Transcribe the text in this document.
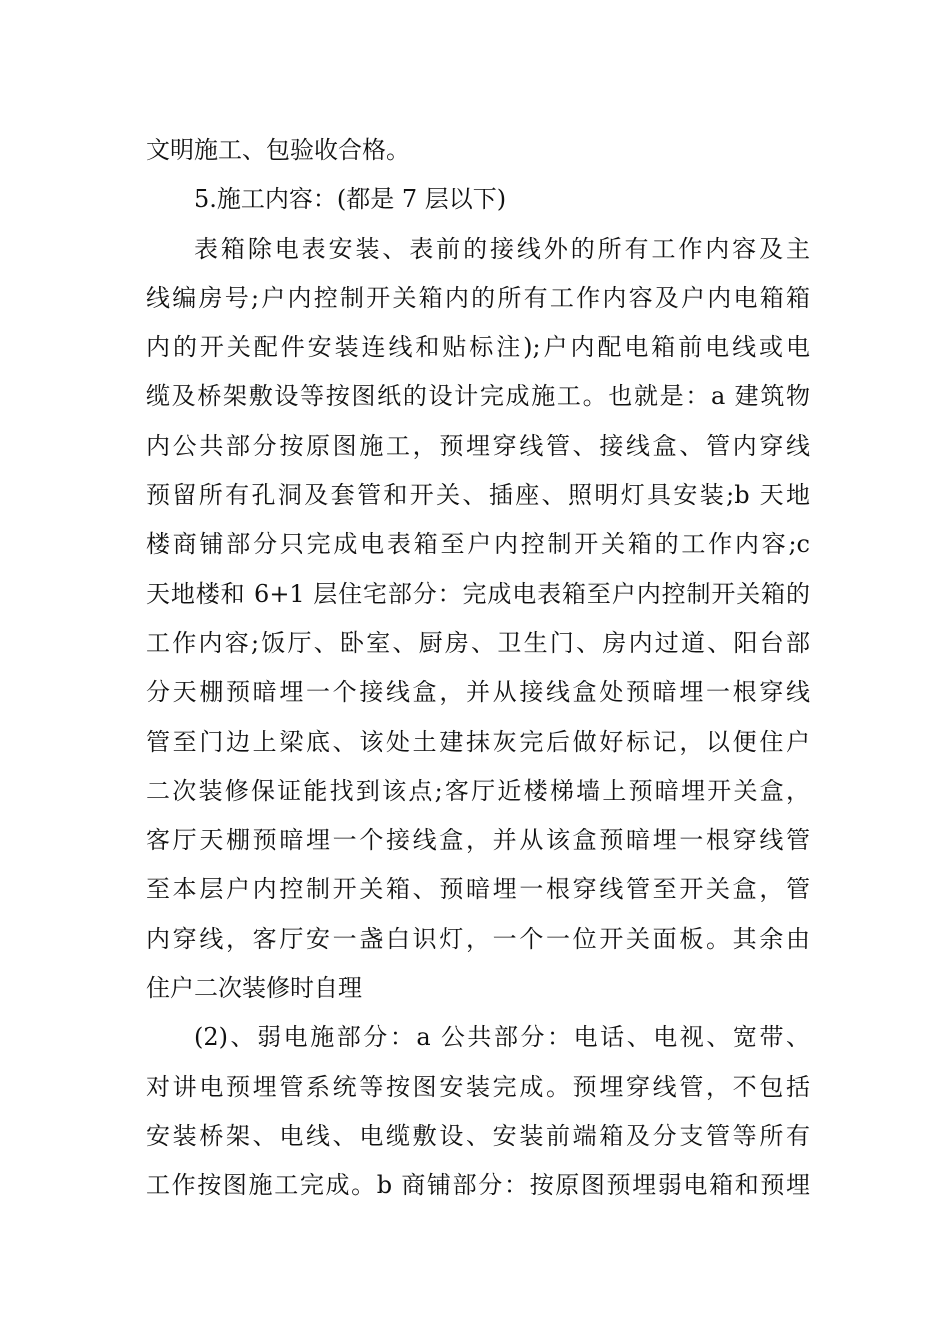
文明施工、包验收合格。
5.施工内容：(都是 7 层以下)
表箱除电表安装、表前的接线外的所有工作内容及主
线编房号;户内控制开关箱内的所有工作内容及户内电箱箱
内的开关配件安装连线和贴标注);户内配电箱前电线或电
缆及桥架敷设等按图纸的设计完成施工。也就是：a 建筑物
内公共部分按原图施工，预埋穿线管、接线盒、管内穿线
预留所有孔洞及套管和开关、插座、照明灯具安装;b 天地
楼商铺部分只完成电表箱至户内控制开关箱的工作内容;c
天地楼和 6+1 层住宅部分：完成电表箱至户内控制开关箱的
工作内容;饭厅、卧室、厨房、卫生门、房内过道、阳台部
分天棚预暗埋一个接线盒，并从接线盒处预暗埋一根穿线
管至门边上梁底、该处土建抹灰完后做好标记，以便住户
二次装修保证能找到该点;客厅近楼梯墙上预暗埋开关盒，
客厅天棚预暗埋一个接线盒，并从该盒预暗埋一根穿线管
至本层户内控制开关箱、预暗埋一根穿线管至开关盒，管
内穿线，客厅安一盏白识灯，一个一位开关面板。其余由
住户二次装修时自理
(2)、弱电施部分：a 公共部分：电话、电视、宽带、
对讲电预埋管系统等按图安装完成。预埋穿线管，不包括
安装桥架、电线、电缆敷设、安装前端箱及分支管等所有
工作按图施工完成。b 商铺部分：按原图预埋弱电箱和预埋
